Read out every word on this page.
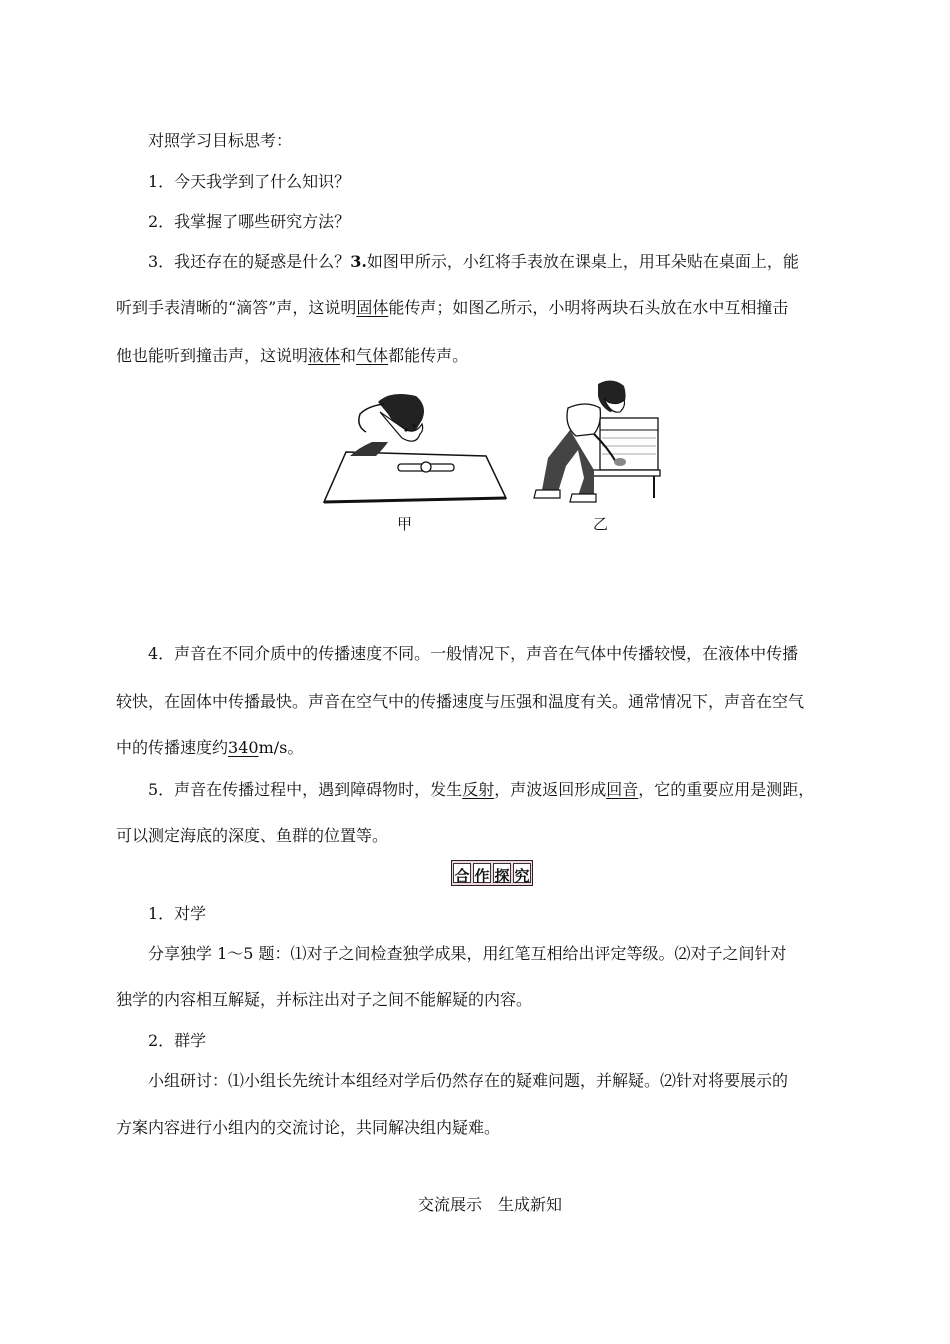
对照学习目标思考：
1．今天我学到了什么知识？
2．我掌握了哪些研究方法？
3．我还存在的疑惑是什么？3.如图甲所示，小红将手表放在课桌上，用耳朵贴在桌面上，能
听到手表清晰的“滴答”声，这说明固体能传声；如图乙所示，小明将两块石头放在水中互相撞击
他也能听到撞击声，这说明液体和气体都能传声。
甲	乙
4．声音在不同介质中的传播速度不同。一般情况下，声音在气体中传播较慢，在液体中传播
较快，在固体中传播最快。声音在空气中的传播速度与压强和温度有关。通常情况下，声音在空气
中的传播速度约340m/s。
5．声音在传播过程中，遇到障碍物时，发生反射，声波返回形成回音，它的重要应用是测距，
可以测定海底的深度、鱼群的位置等。
合 作 探 究
1．对学
分享独学 1～5 题：⑴对子之间检查独学成果，用红笔互相给出评定等级。⑵对子之间针对
独学的内容相互解疑，并标注出对子之间不能解疑的内容。
2．群学
小组研讨：⑴小组长先统计本组经对学后仍然存在的疑难问题，并解疑。⑵针对将要展示的
方案内容进行小组内的交流讨论，共同解决组内疑难。
交流展示　生成新知
